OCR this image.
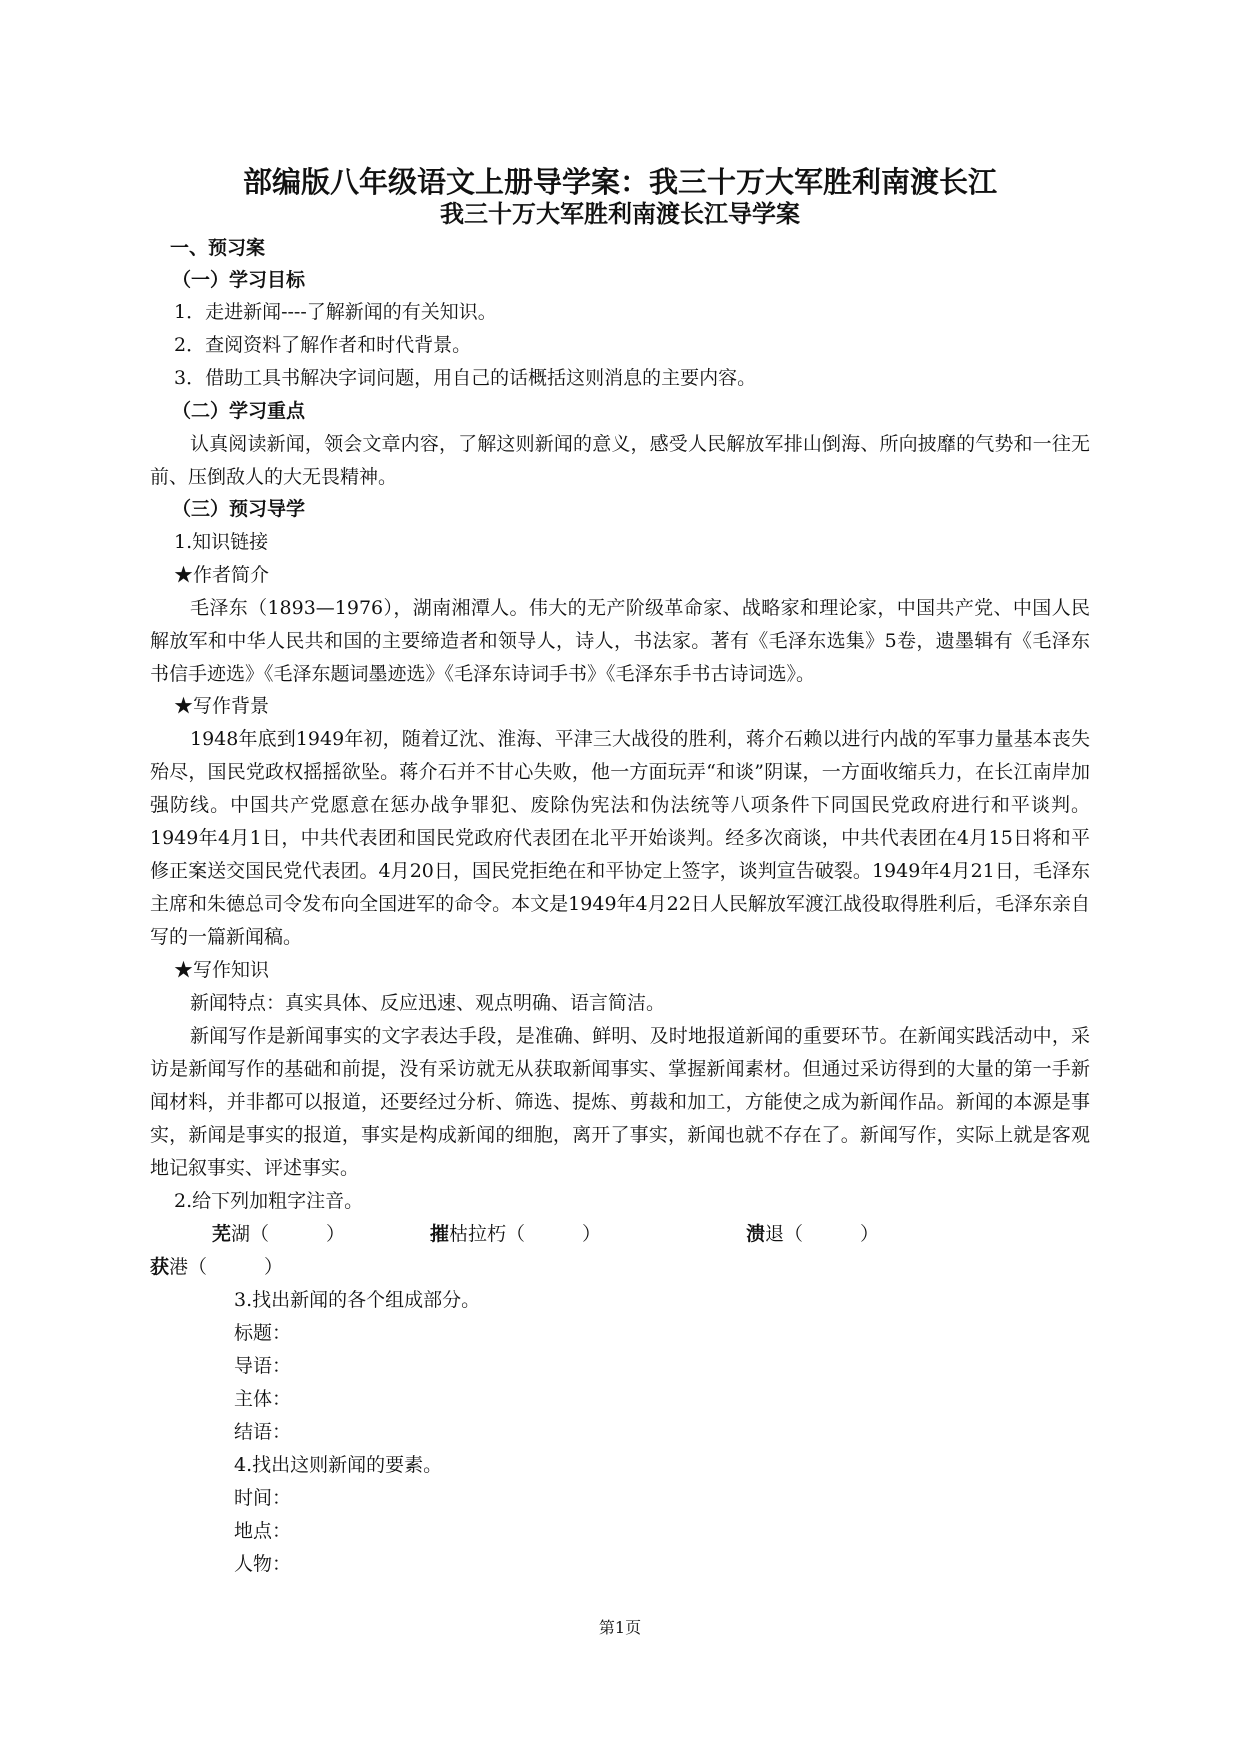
部编版八年级语文上册导学案：我三十万大军胜利南渡长江
我三十万大军胜利南渡长江导学案
一、预习案
（一）学习目标
1．走进新闻----了解新闻的有关知识。
2．查阅资料了解作者和时代背景。
3．借助工具书解决字词问题，用自己的话概括这则消息的主要内容。
（二）学习重点
认真阅读新闻，领会文章内容，了解这则新闻的意义，感受人民解放军排山倒海、所向披靡的气势和一往无前、压倒敌人的大无畏精神。
（三）预习导学
1.知识链接
★作者简介
毛泽东（1893—1976），湖南湘潭人。伟大的无产阶级革命家、战略家和理论家，中国共产党、中国人民解放军和中华人民共和国的主要缔造者和领导人，诗人，书法家。著有《毛泽东选集》5卷，遗墨辑有《毛泽东书信手迹选》《毛泽东题词墨迹选》《毛泽东诗词手书》《毛泽东手书古诗词选》。
★写作背景
1948年底到1949年初，随着辽沈、淮海、平津三大战役的胜利，蒋介石赖以进行内战的军事力量基本丧失殆尽，国民党政权摇摇欲坠。蒋介石并不甘心失败，他一方面玩弄“和谈”阴谋，一方面收缩兵力，在长江南岸加强防线。中国共产党愿意在惩办战争罪犯、废除伪宪法和伪法统等八项条件下同国民党政府进行和平谈判。1949年4月1日，中共代表团和国民党政府代表团在北平开始谈判。经多次商谈，中共代表团在4月15日将和平修正案送交国民党代表团。4月20日，国民党拒绝在和平协定上签字，谈判宣告破裂。1949年4月21日，毛泽东主席和朱德总司令发布向全国进军的命令。本文是1949年4月22日人民解放军渡江战役取得胜利后，毛泽东亲自写的一篇新闻稿。
★写作知识
新闻特点：真实具体、反应迅速、观点明确、语言简洁。
新闻写作是新闻事实的文字表达手段，是准确、鲜明、及时地报道新闻的重要环节。在新闻实践活动中，采访是新闻写作的基础和前提，没有采访就无从获取新闻事实、掌握新闻素材。但通过采访得到的大量的第一手新闻材料，并非都可以报道，还要经过分析、筛选、提炼、剪裁和加工，方能使之成为新闻作品。新闻的本源是事实，新闻是事实的报道，事实是构成新闻的细胞，离开了事实，新闻也就不存在了。新闻写作，实际上就是客观地记叙事实、评述事实。
2.给下列加粗字注音。
芜湖（　　　）	摧枯拉朽（　　　）	溃退（　　　）
获港（　　　）
3.找出新闻的各个组成部分。
标题：
导语：
主体：
结语：
4.找出这则新闻的要素。
时间：
地点：
人物：
第1页
